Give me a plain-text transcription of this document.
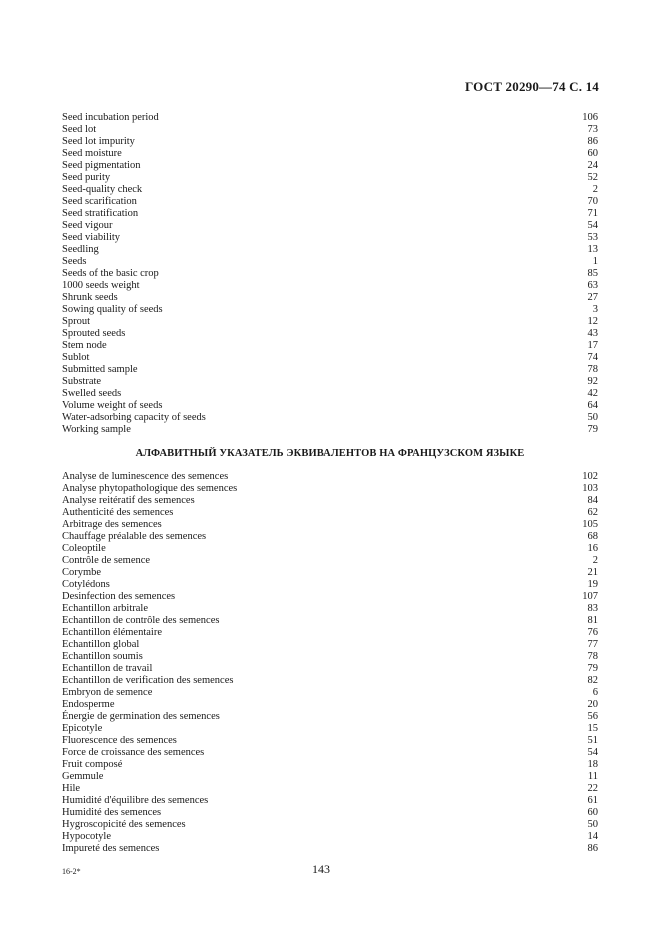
ГОСТ 20290—74 С. 14
Seed incubation period	106
Seed lot	73
Seed lot impurity	86
Seed moisture	60
Seed pigmentation	24
Seed purity	52
Seed-quality check	2
Seed scarification	70
Seed stratification	71
Seed vigour	54
Seed viability	53
Seedling	13
Seeds	1
Seeds of the basic crop	85
1000 seeds weight	63
Shrunk seeds	27
Sowing quality of seeds	3
Sprout	12
Sprouted seeds	43
Stem node	17
Sublot	74
Submitted sample	78
Substrate	92
Swelled seeds	42
Volume weight of seeds	64
Water-adsorbing capacity of seeds	50
Working sample	79
АЛФАВИТНЫЙ УКАЗАТЕЛЬ ЭКВИВАЛЕНТОВ НА ФРАНЦУЗСКОМ ЯЗЫКЕ
Analyse de luminescence des semences	102
Analyse phytopathologique des semences	103
Analyse reitératif des semences	84
Authenticité des semences	62
Arbitrage des semences	105
Chauffage préalable des semences	68
Coleoptile	16
Contrôle de semence	2
Corymbe	21
Cotylédons	19
Desinfection des semences	107
Echantillon arbitrale	83
Echantillon de contrôle des semences	81
Echantillon élémentaire	76
Echantillon global	77
Echantillon soumis	78
Echantillon de travail	79
Echantillon de verification des semences	82
Embryon de semence	6
Endosperme	20
Énergie de germination des semences	56
Epicotyle	15
Fluorescence des semences	51
Force de croissance des semences	54
Fruit composé	18
Gemmule	11
Hile	22
Humidité d'équilibre des semences	61
Humidité des semences	60
Hygroscopicité des semences	50
Hypocotyle	14
Impureté des semences	86
16-2*	143
